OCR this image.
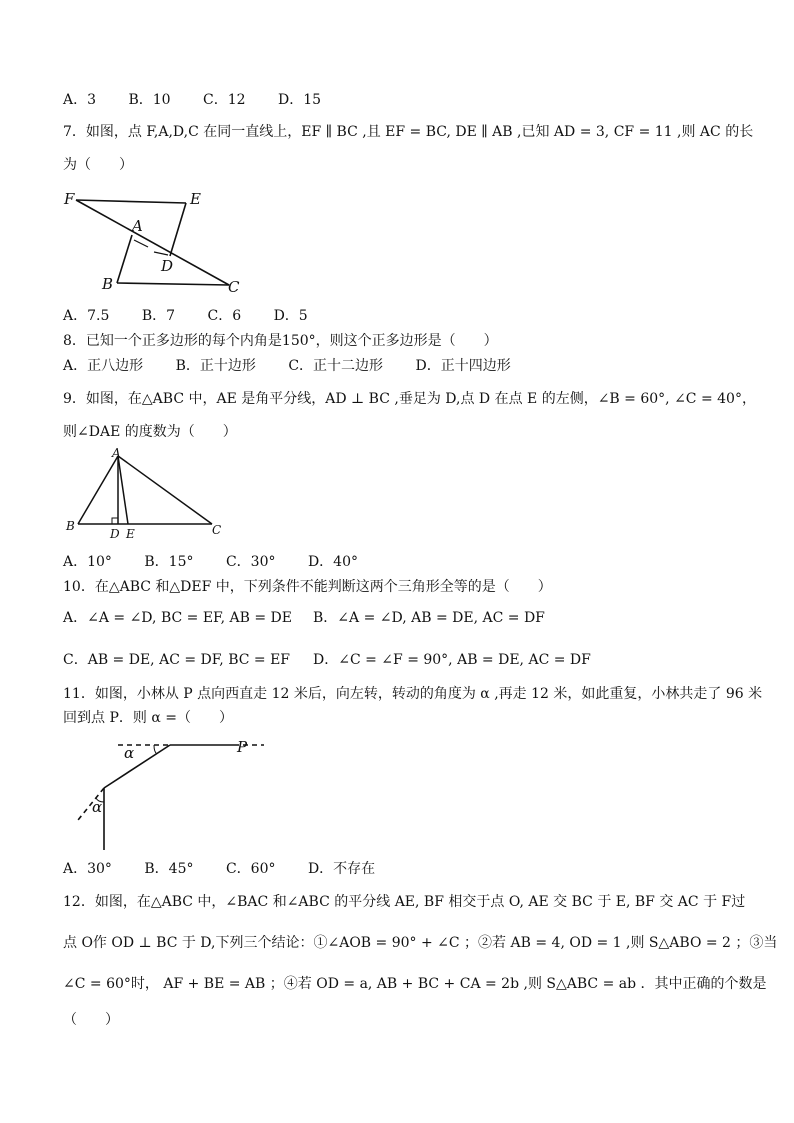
A．3 B．10 C．12 D．15
7．如图，点 F,A,D,C 在同一直线上，EF ∥ BC ,且 EF = BC, DE ∥ AB ,已知 AD = 3, CF = 11 ,则 AC 的长
为（　　）
F	E
A
D
B	C
A．7.5 B．7 C．6 D．5
8．已知一个正多边形的每个内角是150°，则这个正多边形是（　　）
A．正八边形 B．正十边形 C．正十二边形 D．正十四边形
9．如图，在△ABC 中，AE 是角平分线，AD ⊥ BC ,垂足为 D,点 D 在点 E 的左侧，∠B = 60°, ∠C = 40°，
则∠DAE 的度数为（　　）
A
B	C
D E
A．10° B．15° C．30° D．40°
10．在△ABC 和△DEF 中，下列条件不能判断这两个三角形全等的是（　　）
A．∠A = ∠D, BC = EF, AB = DE B．∠A = ∠D, AB = DE, AC = DF
C．AB = DE, AC = DF, BC = EF D．∠C = ∠F = 90°, AB = DE, AC = DF
11．如图，小林从 P 点向西直走 12 米后，向左转，转动的角度为 α ,再走 12 米，如此重复，小林共走了 96 米
回到点 P．则 α =（　　）
P
α
α
A．30° B．45° C．60° D．不存在
12．如图，在△ABC 中，∠BAC 和∠ABC 的平分线 AE, BF 相交于点 O, AE 交 BC 于 E, BF 交 AC 于 F过
点 O作 OD ⊥ BC 于 D,下列三个结论：①∠AOB = 90° + ∠C ；②若 AB = 4, OD = 1 ,则 S△ABO = 2 ；③当
∠C = 60°时， AF + BE = AB ；④若 OD = a, AB + BC + CA = 2b ,则 S△ABC = ab ．其中正确的个数是
（　　）
